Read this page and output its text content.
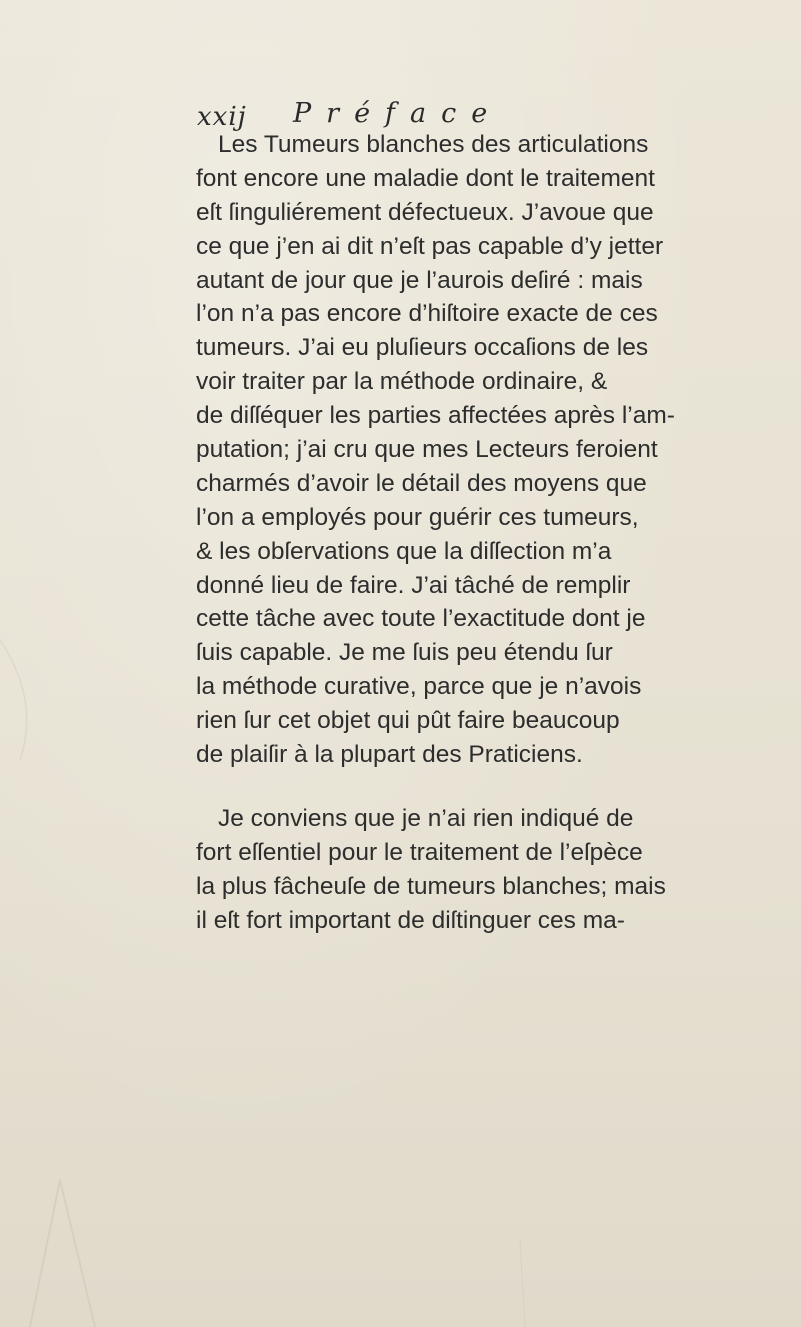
xxij Préface
Les Tumeurs blanches des articulations
font encore une maladie dont le traitement
eſt ſinguliérement défectueux. J’avoue que
ce que j’en ai dit n’eſt pas capable d’y jetter
autant de jour que je l’aurois deſiré : mais
l’on n’a pas encore d’hiſtoire exacte de ces
tumeurs. J’ai eu pluſieurs occaſions de les
voir traiter par la méthode ordinaire, &
de diſſéquer les parties affectées après l’am-
putation; j’ai cru que mes Lecteurs feroient
charmés d’avoir le détail des moyens que
l’on a employés pour guérir ces tumeurs,
& les obſervations que la diſſection m’a
donné lieu de faire. J’ai tâché de remplir
cette tâche avec toute l’exactitude dont je
ſuis capable. Je me ſuis peu étendu ſur
la méthode curative, parce que je n’avois
rien ſur cet objet qui pût faire beaucoup
de plaiſir à la plupart des Praticiens.
Je conviens que je n’ai rien indiqué de
fort eſſentiel pour le traitement de l’eſpèce
la plus fâcheuſe de tumeurs blanches; mais
il eſt fort important de diſtinguer ces ma-
